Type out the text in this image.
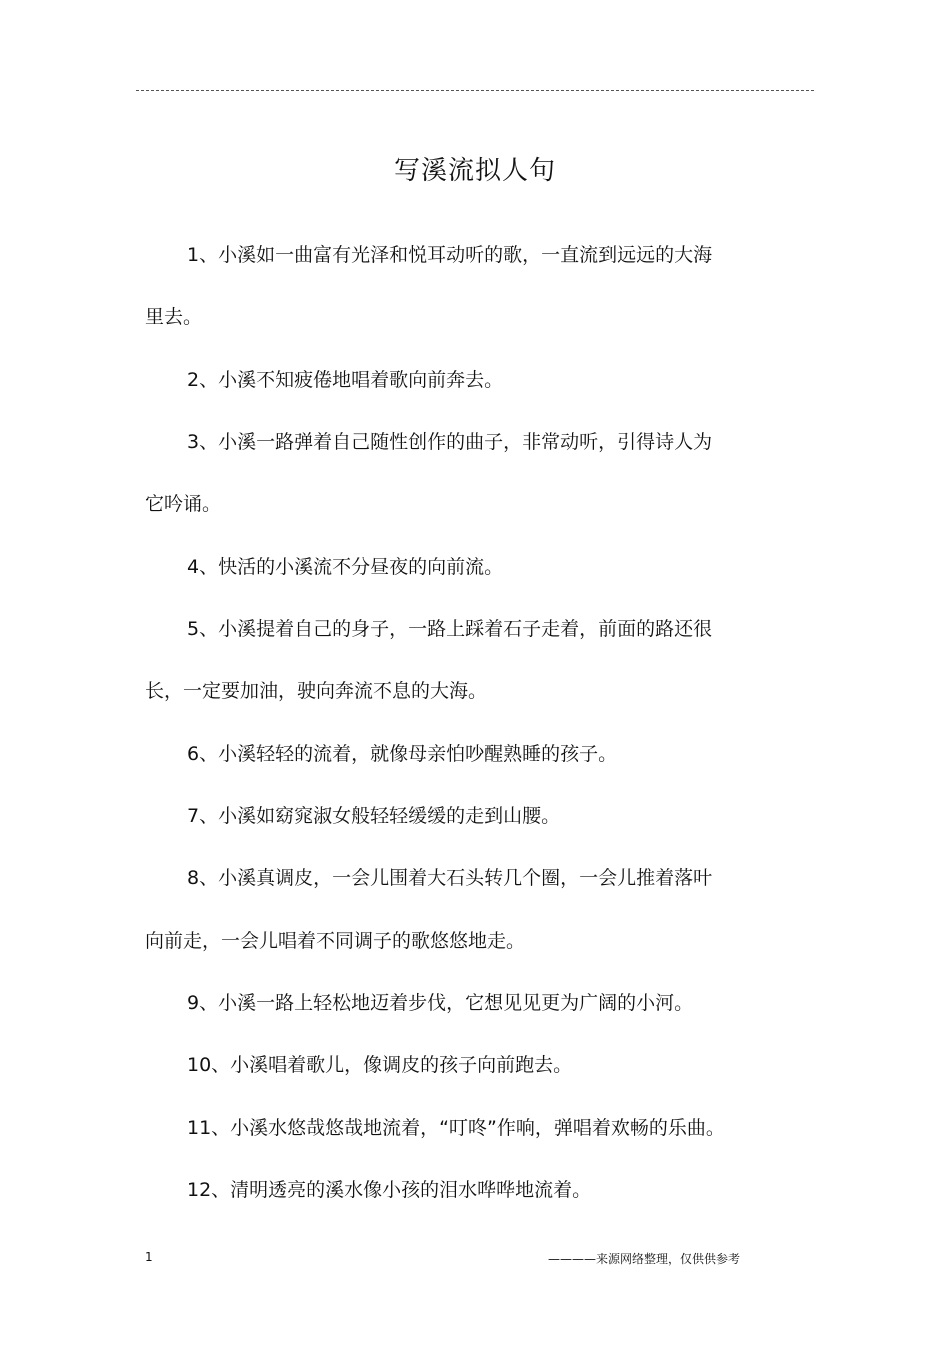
写溪流拟人句
1、小溪如一曲富有光泽和悦耳动听的歌，一直流到远远的大海
里去。
2、小溪不知疲倦地唱着歌向前奔去。
3、小溪一路弹着自己随性创作的曲子，非常动听，引得诗人为
它吟诵。
4、快活的小溪流不分昼夜的向前流。
5、小溪提着自己的身子，一路上踩着石子走着，前面的路还很
长，一定要加油，驶向奔流不息的大海。
6、小溪轻轻的流着，就像母亲怕吵醒熟睡的孩子。
7、小溪如窈窕淑女般轻轻缓缓的走到山腰。
8、小溪真调皮，一会儿围着大石头转几个圈，一会儿推着落叶
向前走，一会儿唱着不同调子的歌悠悠地走。
9、小溪一路上轻松地迈着步伐，它想见见更为广阔的小河。
10、小溪唱着歌儿，像调皮的孩子向前跑去。
11、小溪水悠哉悠哉地流着，“叮咚”作响，弹唱着欢畅的乐曲。
12、清明透亮的溪水像小孩的泪水哗哗地流着。
1	————来源网络整理，仅供供参考
